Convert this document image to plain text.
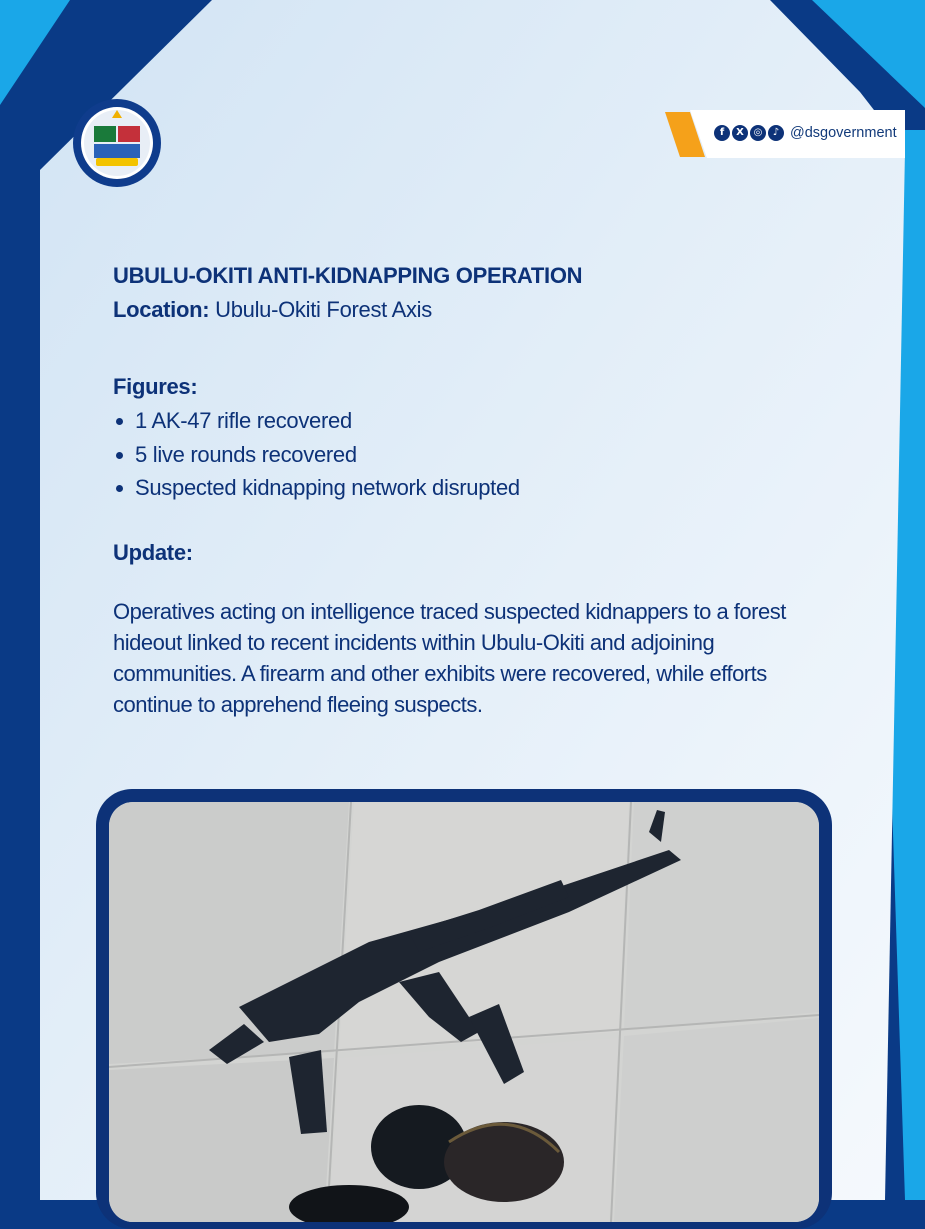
f	X ◎	♪ @dsgovernment
UBULU-OKITI ANTI-KIDNAPPING OPERATION
Location: Ubulu-Okiti Forest Axis
Figures:
1 AK-47 rifle recovered
5 live rounds recovered
Suspected kidnapping network disrupted
Update:
Operatives acting on intelligence traced suspected kidnappers to a forest hideout linked to recent incidents within Ubulu-Okiti and adjoining communities. A firearm and other exhibits were recovered, while efforts continue to apprehend fleeing suspects.
